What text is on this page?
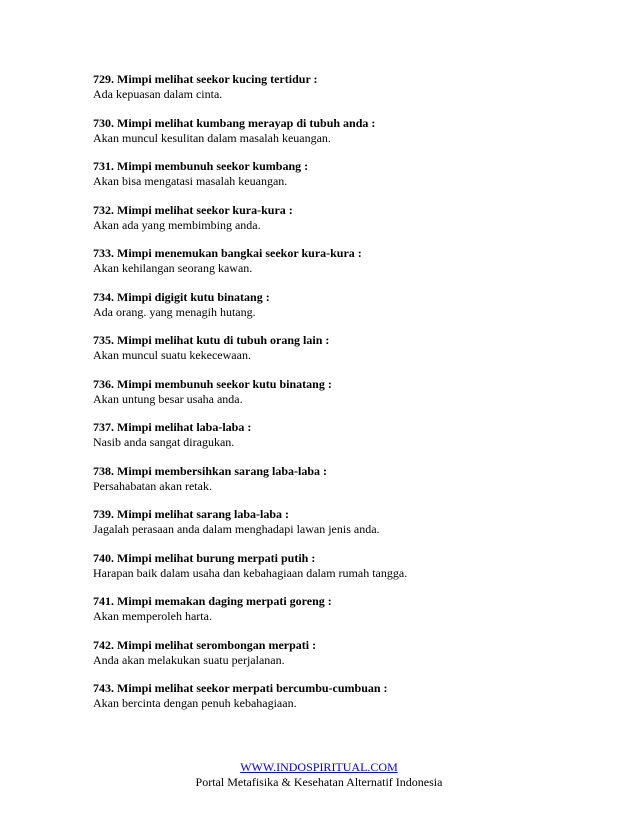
729. Mimpi melihat seekor kucing tertidur :
Ada kepuasan dalam cinta.
730. Mimpi melihat kumbang merayap di tubuh anda :
Akan muncul kesulitan dalam masalah keuangan.
731. Mimpi membunuh seekor kumbang :
Akan bisa mengatasi masalah keuangan.
732. Mimpi melihat seekor kura-kura :
Akan ada yang membimbing anda.
733. Mimpi menemukan bangkai seekor kura-kura :
Akan kehilangan seorang kawan.
734. Mimpi digigit kutu binatang :
Ada orang. yang menagih hutang.
735. Mimpi melihat kutu di tubuh orang lain :
Akan muncul suatu kekecewaan.
736. Mimpi membunuh seekor kutu binatang :
Akan untung besar usaha anda.
737. Mimpi melihat laba-laba :
Nasib anda sangat diragukan.
738. Mimpi membersihkan sarang laba-laba :
Persahabatan akan retak.
739. Mimpi melihat sarang laba-laba :
Jagalah perasaan anda dalam menghadapi lawan jenis anda.
740. Mimpi melihat burung merpati putih :
Harapan baik dalam usaha dan kebahagiaan dalam rumah tangga.
741. Mimpi memakan daging merpati goreng :
Akan memperoleh harta.
742. Mimpi melihat serombongan merpati :
Anda akan melakukan suatu perjalanan.
743. Mimpi melihat seekor merpati bercumbu-cumbuan :
Akan bercinta dengan penuh kebahagiaan.
WWW.INDOSPIRITUAL.COM
Portal Metafisika & Kesehatan Alternatif Indonesia
